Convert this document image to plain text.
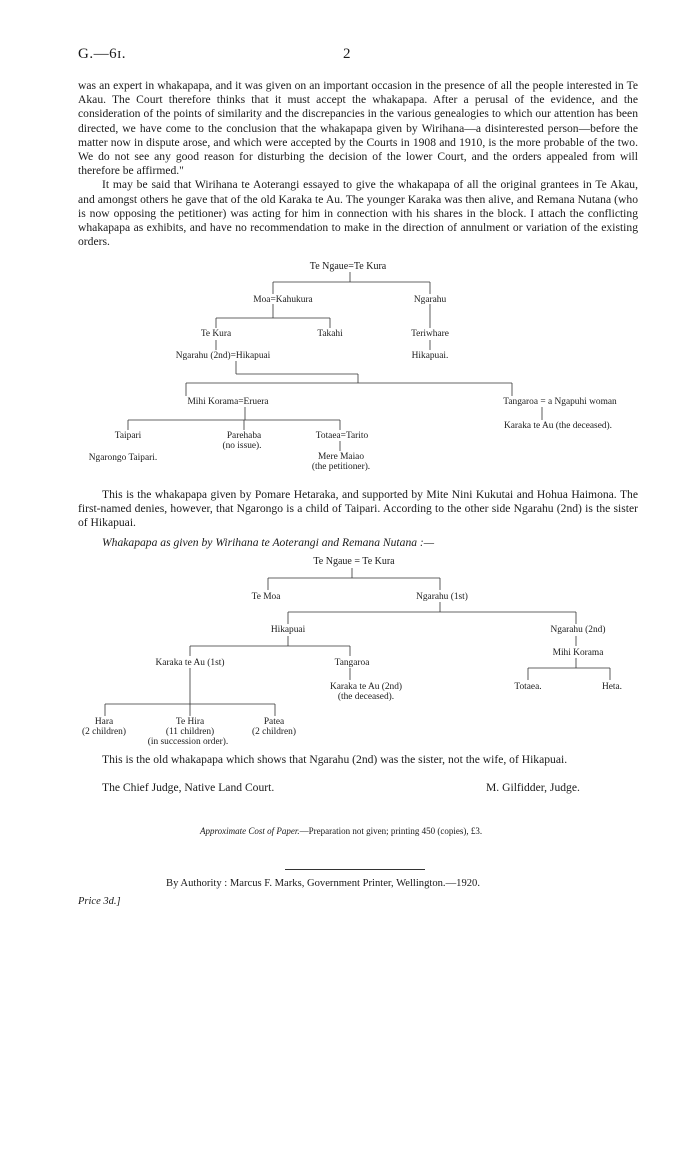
G.—6ɪ.	2

was an expert in whakapapa, and it was given on an important occasion in the presence of all the people interested in Te Akau. The Court therefore thinks that it must accept the whakapapa. After a perusal of the evidence, and the consideration of the points of similarity and the discrepancies in the various genealogies to which our attention has been directed, we have come to the conclusion that the whakapapa given by Wirihana—a disinterested person—before the matter now in dispute arose, and which were accepted by the Courts in 1908 and 1910, is the more probable of the two. We do not see any good reason for disturbing the decision of the lower Court, and the orders appealed from will therefore be affirmed."

It may be said that Wirihana te Aoterangi essayed to give the whakapapa of all the original grantees in Te Akau, and amongst others he gave that of the old Karaka te Au. The younger Karaka was then alive, and Remana Nutana (who is now opposing the petitioner) was acting for him in connection with his shares in the block. I attach the conflicting whakapapa as exhibits, and have no recommendation to make in the direction of annulment or variation of the existing orders.

Te Ngaue=Te Kura
Moa=Kahukura	Ngarahu
Te Kura	Takahi	Teriwhare
Ngarahu (2nd)=Hikapuai	Hikapuai.
Mihi Korama=Eruera	Tangaroa = a Ngapuhi woman
Karaka te Au (the deceased).
Taipari	Parehaba
(no issue).
Totaea=Tarito
Ngarongo Taipari.	Mere Maiao
(the petitioner).

This is the whakapapa given by Pomare Hetaraka, and supported by Mite Nini Kukutai and Hohua Haimona. The first-named denies, however, that Ngarongo is a child of Taipari. According to the other side Ngarahu (2nd) is the sister of Hikapuai.

Whakapapa as given by Wirihana te Aoterangi and Remana Nutana :—

Te Ngaue = Te Kura
Te Moa	Ngarahu (1st)
Hikapuai	Ngarahu (2nd)
Mihi Korama
Karaka te Au (1st)	Tangaroa
Totaea.	Heta.
Karaka te Au (2nd)
(the deceased).
Hara
(2 children)
Te Hira
(11 children)
(in succession order).
Patea
(2 children)

This is the old whakapapa which shows that Ngarahu (2nd) was the sister, not the wife, of Hikapuai.

The Chief Judge, Native Land Court.	M. Gilfidder, Judge.
Approximate Cost of Paper.—Preparation not given; printing 450 (copies), £3.
By Authority : Marcus F. Marks, Government Printer, Wellington.—1920.
Price 3d.]
